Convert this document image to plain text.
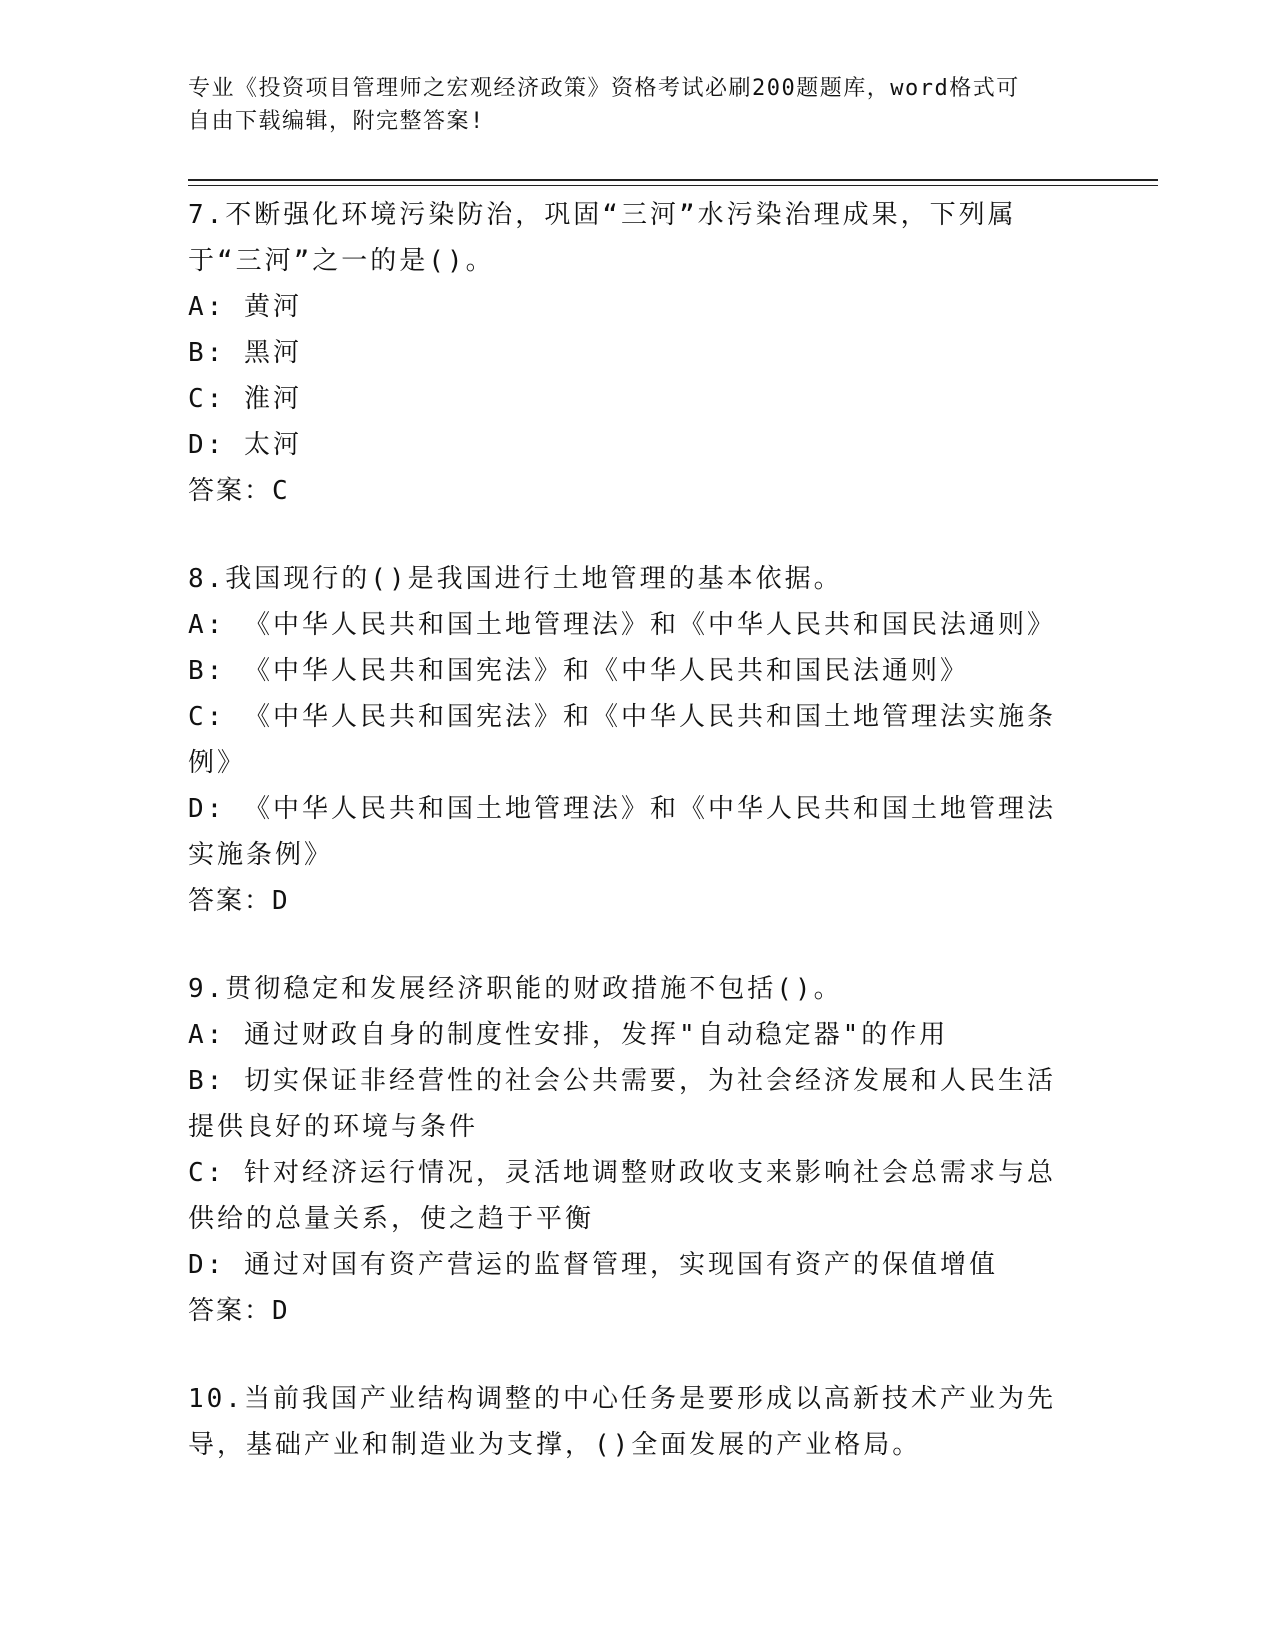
专业《投资项目管理师之宏观经济政策》资格考试必刷200题题库，word格式可
自由下载编辑，附完整答案!
7.不断强化环境污染防治，巩固“三河”水污染治理成果，下列属于“三河”之一的是()。
A: 黄河
B: 黑河
C: 淮河
D: 太河
答案：C
8.我国现行的()是我国进行土地管理的基本依据。
A: 《中华人民共和国土地管理法》和《中华人民共和国民法通则》
B: 《中华人民共和国宪法》和《中华人民共和国民法通则》
C: 《中华人民共和国宪法》和《中华人民共和国土地管理法实施条例》
D: 《中华人民共和国土地管理法》和《中华人民共和国土地管理法实施条例》
答案：D
9.贯彻稳定和发展经济职能的财政措施不包括()。
A: 通过财政自身的制度性安排，发挥"自动稳定器"的作用
B: 切实保证非经营性的社会公共需要，为社会经济发展和人民生活提供良好的环境与条件
C: 针对经济运行情况，灵活地调整财政收支来影响社会总需求与总供给的总量关系，使之趋于平衡
D: 通过对国有资产营运的监督管理，实现国有资产的保值增值
答案：D
10.当前我国产业结构调整的中心任务是要形成以高新技术产业为先导，基础产业和制造业为支撑，()全面发展的产业格局。
